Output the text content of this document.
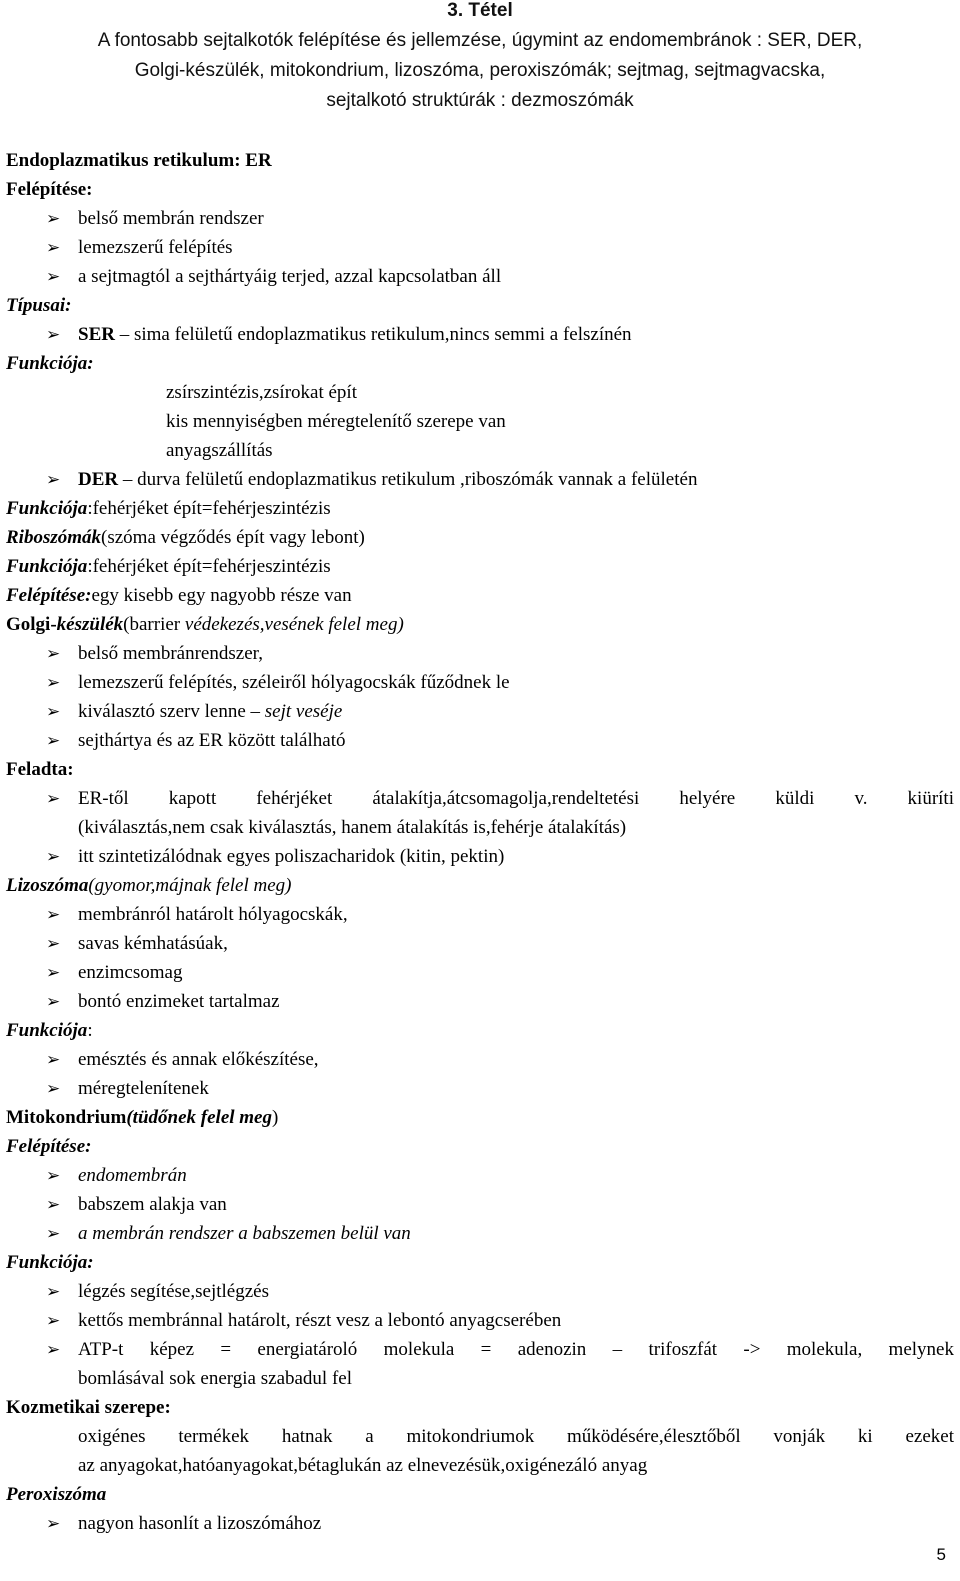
3. Tétel
A fontosabb sejtalkotók felépítése és jellemzése, úgymint az endomembránok : SER, DER,
Golgi-készülék, mitokondrium, lizoszóma, peroxiszómák; sejtmag, sejtmagvacska,
sejtalkotó struktúrák : dezmoszómák
Endoplazmatikus retikulum: ER
Felépítése:
➢ belső membrán rendszer
➢ lemezszerű felépítés
➢ a sejtmagtól a sejthártyáig terjed, azzal kapcsolatban áll
Típusai:
➢ SER – sima felületű endoplazmatikus retikulum,nincs semmi a felszínén
Funkciója:
zsírszintézis,zsírokat épít
kis mennyiségben méregtelenítő szerepe van
anyagszállítás
➢ DER – durva felületű endoplazmatikus retikulum ,riboszómák vannak a felületén
Funkciója:fehérjéket épít=fehérjeszintézis
Riboszómák(szóma végződés épít vagy lebont)
Funkciója:fehérjéket épít=fehérjeszintézis
Felépítése:egy kisebb egy nagyobb része van
Golgi-készülék(barrier védekezés,vesének felel meg)
➢ belső membránrendszer,
➢ lemezszerű felépítés, széleiről hólyagocskák fűződnek le
➢ kiválasztó szerv lenne – sejt veséje
➢ sejthártya és az ER között található
Feladta:
➢ ER-től kapott fehérjéket átalakítja,átcsomagolja,rendeltetési helyére küldi v. kiüríti
(kiválasztás,nem csak kiválasztás, hanem átalakítás is,fehérje átalakítás)
➢ itt szintetizálódnak egyes poliszacharidok (kitin, pektin)
Lizoszóma(gyomor,májnak felel meg)
➢ membránról határolt hólyagocskák,
➢ savas kémhatásúak,
➢ enzimcsomag
➢ bontó enzimeket tartalmaz
Funkciója:
➢ emésztés és annak előkészítése,
➢ méregtelenítenek
Mitokondrium(tüdőnek felel meg)
Felépítése:
➢ endomembrán
➢ babszem alakja van
➢ a membrán rendszer a babszemen belül van
Funkciója:
➢ légzés segítése,sejtlégzés
➢ kettős membránnal határolt, részt vesz a lebontó anyagcserében
➢ ATP-t képez = energiatároló molekula = adenozin – trifoszfát -> molekula, melynek
bomlásával sok energia szabadul fel
Kozmetikai szerepe:
oxigénes termékek hatnak a mitokondriumok működésére,élesztőből vonják ki ezeket
az anyagokat,hatóanyagokat,bétaglukán az elnevezésük,oxigénezáló anyag
Peroxiszóma
➢ nagyon hasonlít a lizoszómához
5
